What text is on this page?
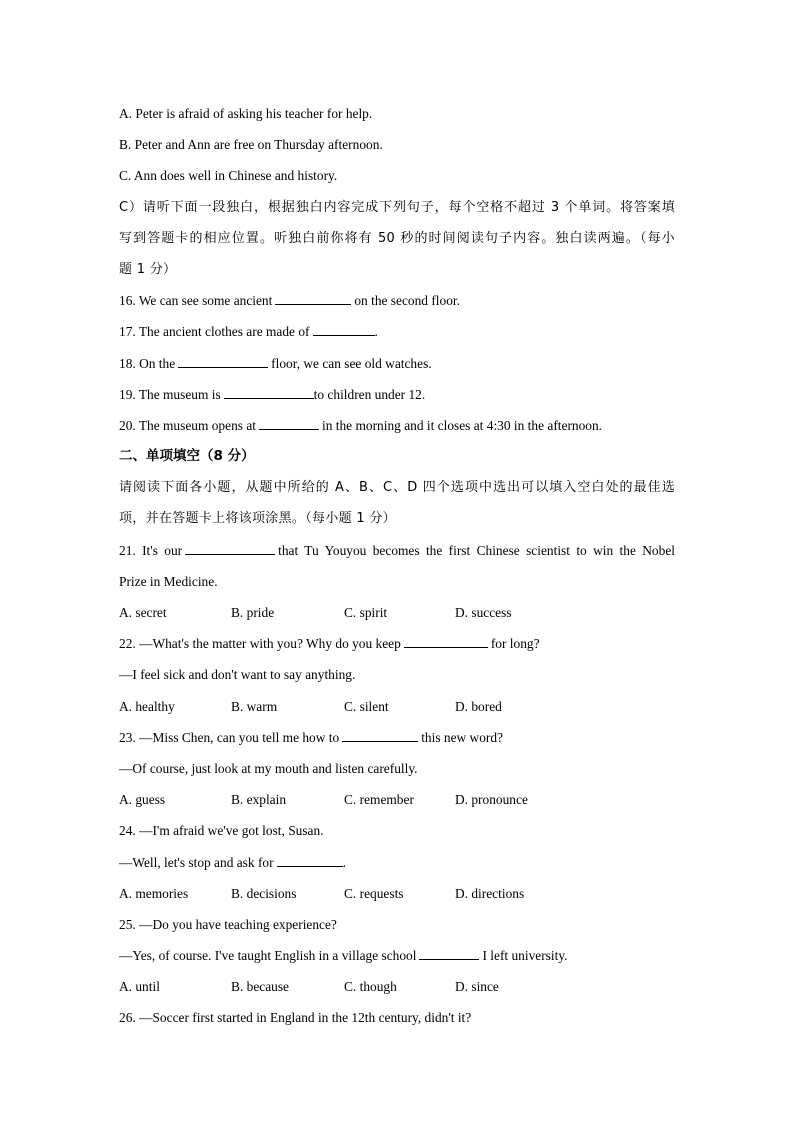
A. Peter is afraid of asking his teacher for help.
B. Peter and Ann are free on Thursday afternoon.
C. Ann does well in Chinese and history.
C）请听下面一段独白，根据独白内容完成下列句子，每个空格不超过 3 个单词。将答案填
写到答题卡的相应位置。听独白前你将有 50 秒的时间阅读句子内容。独白读两遍。（每小
题 1 分）
16. We can see some ancient	on the second floor.
17. The ancient clothes are made of	.
18. On the	floor, we can see old watches.
19. The museum is	to children under 12.
20. The museum opens at	in the morning and it closes at 4:30 in the afternoon.
二、单项填空（8 分）
请阅读下面各小题，从题中所给的 A、B、C、D 四个选项中选出可以填入空白处的最佳选
项，并在答题卡上将该项涂黑。（每小题 1 分）
21. It's our	that Tu Youyou becomes the first Chinese scientist to win the Nobel
Prize in Medicine.
A. secret	B. pride	C. spirit	D. success
22. —What's the matter with you? Why do you keep	for long?
—I feel sick and don't want to say anything.
A. healthy	B. warm	C. silent	D. bored
23. —Miss Chen, can you tell me how to	this new word?
—Of course, just look at my mouth and listen carefully.
A. guess	B. explain	C. remember	D. pronounce
24. —I'm afraid we've got lost, Susan.
—Well, let's stop and ask for	.
A. memories	B. decisions	C. requests	D. directions
25. —Do you have teaching experience?
—Yes, of course. I've taught English in a village school	I left university.
A. until	B. because	C. though	D. since
26. —Soccer first started in England in the 12th century, didn't it?
